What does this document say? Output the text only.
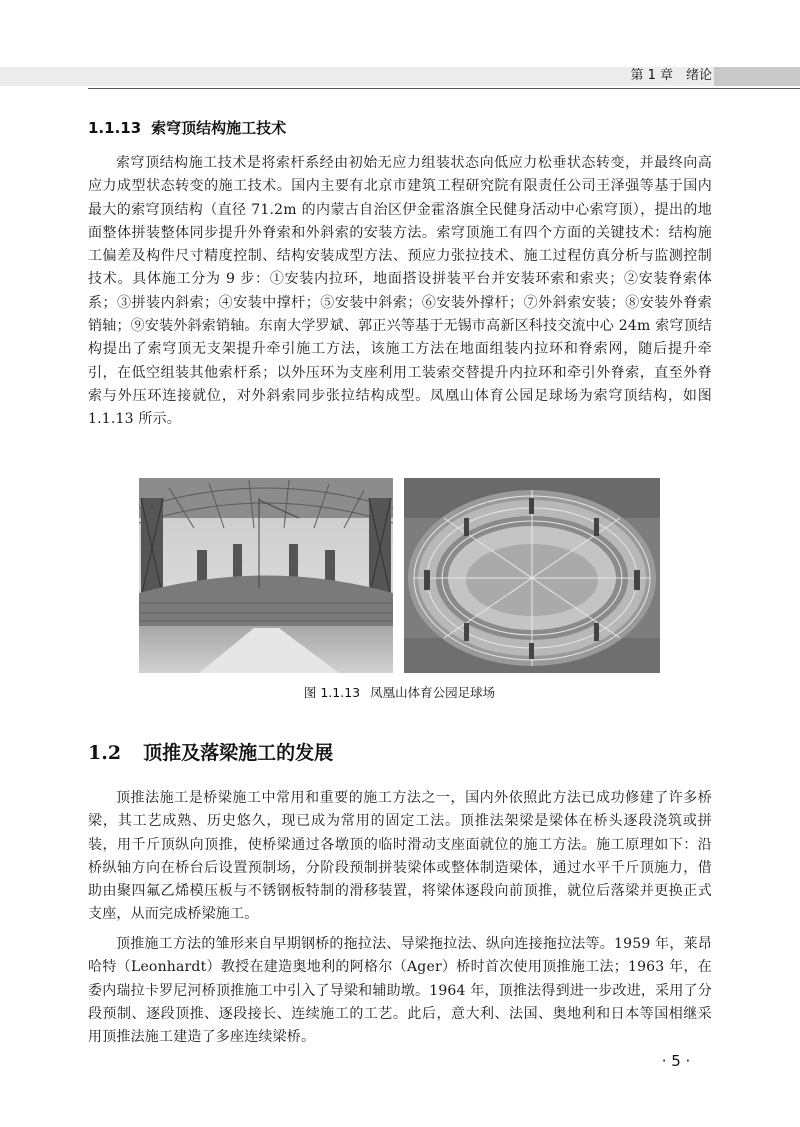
第 1 章　绪论
1.1.13 索穹顶结构施工技术

索穹顶结构施工技术是将索杆系经由初始无应力组装状态向低应力松垂状态转变，并最终向高应力成型状态转变的施工技术。国内主要有北京市建筑工程研究院有限责任公司王泽强等基于国内最大的索穹顶结构（直径 71.2m 的内蒙古自治区伊金霍洛旗全民健身活动中心索穹顶），提出的地面整体拼装整体同步提升外脊索和外斜索的安装方法。索穹顶施工有四个方面的关键技术：结构施工偏差及构件尺寸精度控制、结构安装成型方法、预应力张拉技术、施工过程仿真分析与监测控制技术。具体施工分为 9 步：①安装内拉环，地面搭设拼装平台并安装环索和索夹；②安装脊索体系；③拼装内斜索；④安装中撑杆；⑤安装中斜索；⑥安装外撑杆；⑦外斜索安装；⑧安装外脊索销轴；⑨安装外斜索销轴。东南大学罗斌、郭正兴等基于无锡市高新区科技交流中心 24m 索穹顶结构提出了索穹顶无支架提升牵引施工方法，该施工方法在地面组装内拉环和脊索网，随后提升牵引，在低空组装其他索杆系；以外压环为支座利用工装索交替提升内拉环和牵引外脊索，直至外脊索与外压环连接就位，对外斜索同步张拉结构成型。凤凰山体育公园足球场为索穹顶结构，如图 1.1.13 所示。

图 1.1.13 凤凰山体育公园足球场
1.2 顶推及落梁施工的发展

顶推法施工是桥梁施工中常用和重要的施工方法之一，国内外依照此方法已成功修建了许多桥梁，其工艺成熟、历史悠久，现已成为常用的固定工法。顶推法架梁是梁体在桥头逐段浇筑或拼装，用千斤顶纵向顶推，使桥梁通过各墩顶的临时滑动支座面就位的施工方法。施工原理如下：沿桥纵轴方向在桥台后设置预制场，分阶段预制拼装梁体或整体制造梁体，通过水平千斤顶施力，借助由聚四氟乙烯模压板与不锈钢板特制的滑移装置，将梁体逐段向前顶推，就位后落梁并更换正式支座，从而完成桥梁施工。

顶推施工方法的雏形来自早期钢桥的拖拉法、导梁拖拉法、纵向连接拖拉法等。1959 年，莱昂哈特（Leonhardt）教授在建造奥地利的阿格尔（Ager）桥时首次使用顶推施工法；1963 年，在委内瑞拉卡罗尼河桥顶推施工中引入了导梁和辅助墩。1964 年，顶推法得到进一步改进，采用了分段预制、逐段顶推、逐段接长、连续施工的工艺。此后，意大利、法国、奥地利和日本等国相继采用顶推法施工建造了多座连续梁桥。

· 5 ·
